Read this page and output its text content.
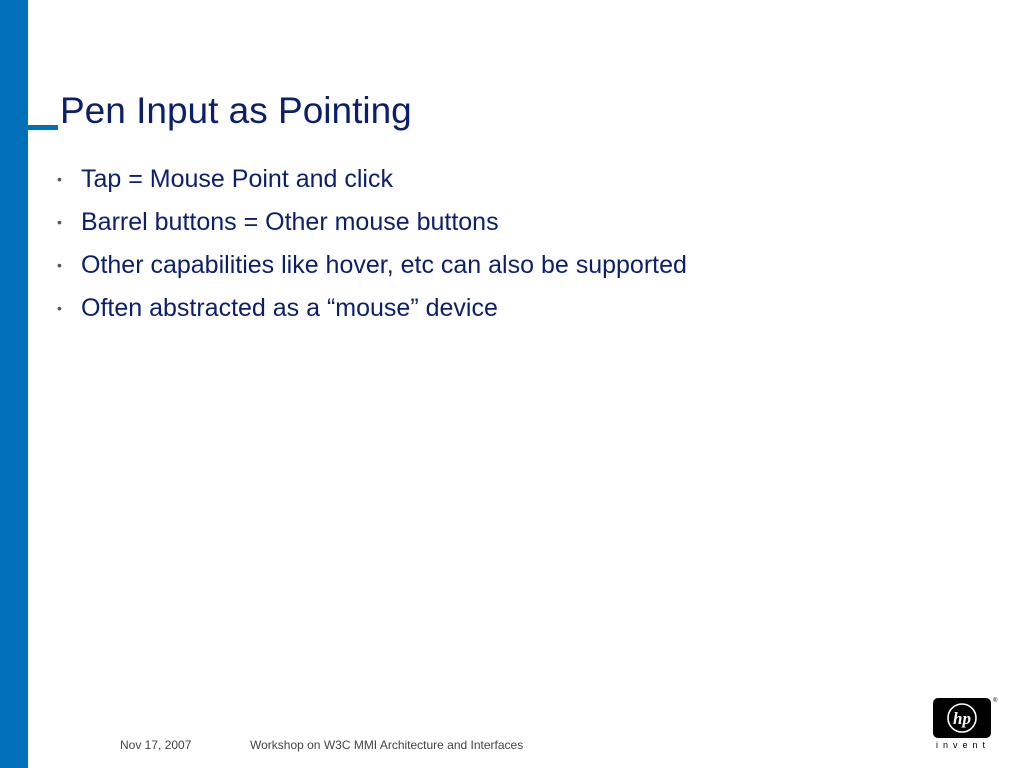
Pen Input as Pointing
• Tap = Mouse Point and click
• Barrel buttons = Other mouse buttons
• Other capabilities like hover, etc can also be supported
• Often abstracted as a “mouse” device
Nov 17, 2007	Workshop on W3C MMI Architecture and Interfaces
hp
®
invent
